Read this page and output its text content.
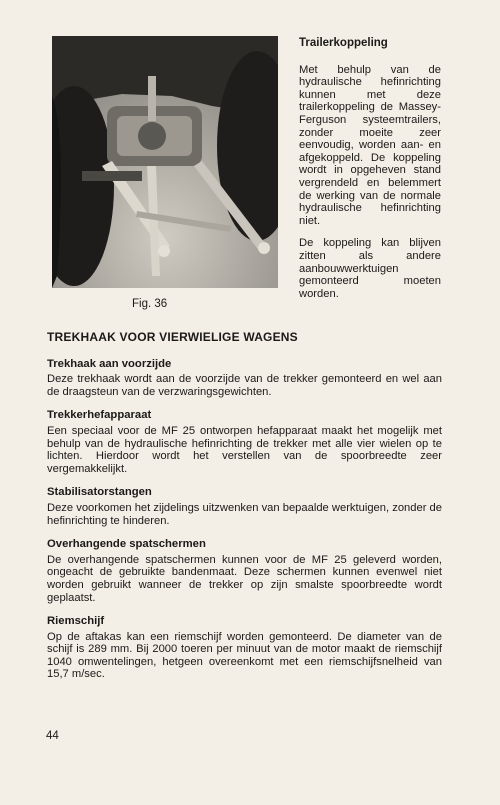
Fig. 36
Trailerkoppeling

Met behulp van de hydraulische hefinrichting kunnen met deze trailerkoppeling de Massey-Ferguson systeemtrailers, zonder moeite zeer eenvoudig, worden aan- en afgekoppeld. De koppeling wordt in opgeheven stand vergrendeld en belemmert de werking van de normale hydraulische hefinrichting niet.

De koppeling kan blijven zitten als andere aanbouwwerktuigen gemonteerd moeten worden.

TREKHAAK VOOR VIERWIELIGE WAGENS
Trekhaak aan voorzijde

Deze trekhaak wordt aan de voorzijde van de trekker gemonteerd en wel aan de draagsteun van de verzwaringsgewichten.

Trekkerhefapparaat

Een speciaal voor de MF 25 ontworpen hefapparaat maakt het mogelijk met behulp van de hydraulische hefinrichting de trekker met alle vier wielen op te lichten. Hierdoor wordt het verstellen van de spoorbreedte zeer vergemakkelijkt.

Stabilisatorstangen

Deze voorkomen het zijdelings uitzwenken van bepaalde werktuigen, zonder de hefinrichting te hinderen.

Overhangende spatschermen

De overhangende spatschermen kunnen voor de MF 25 geleverd worden, ongeacht de gebruikte bandenmaat. Deze schermen kunnen evenwel niet worden gebruikt wanneer de trekker op zijn smalste spoorbreedte wordt geplaatst.

Riemschijf

Op de aftakas kan een riemschijf worden gemonteerd. De diameter van de schijf is 289 mm. Bij 2000 toeren per minuut van de motor maakt de riemschijf 1040 omwentelingen, hetgeen overeenkomt met een riemschijfsnelheid van 15,7 m/sec.

44
